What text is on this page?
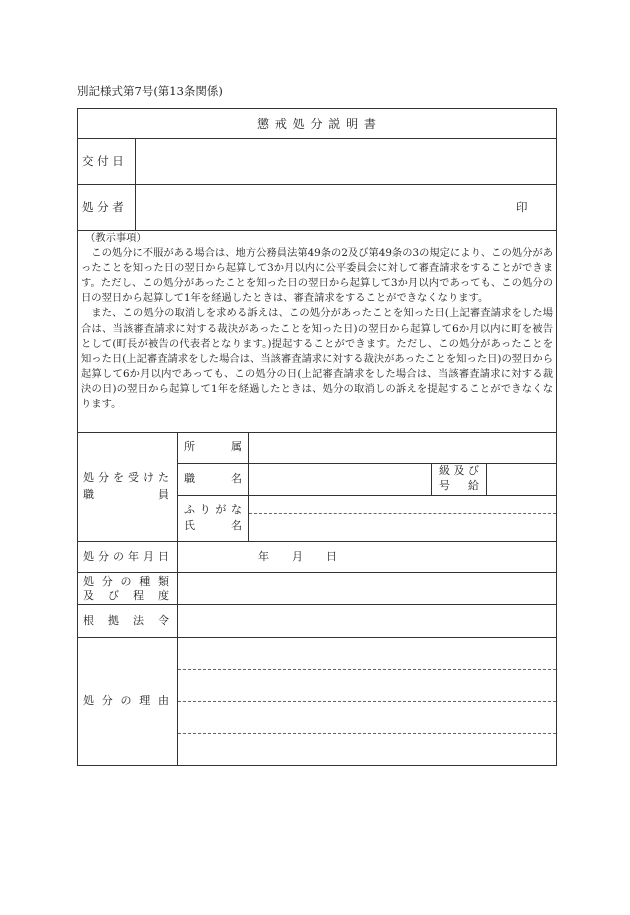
別記様式第7号(第13条関係)
懲 戒 処 分 説 明 書
交 付 日
処 分 者	印

（教示事項）

この処分に不服がある場合は、地方公務員法第49条の2及び第49条の3の規定により、この処分があったことを知った日の翌日から起算して3か月以内に公平委員会に対して審査請求をすることができます。ただし、この処分があったことを知った日の翌日から起算して3か月以内であっても、この処分の日の翌日から起算して1年を経過したときは、審査請求をすることができなくなります。

また、この処分の取消しを求める訴えは、この処分があったことを知った日(上記審査請求をした場合は、当該審査請求に対する裁決があったことを知った日)の翌日から起算して6か月以内に町を被告として(町長が被告の代表者となります。)提起することができます。ただし、この処分があったことを知った日(上記審査請求をした場合は、当該審査請求に対する裁決があったことを知った日)の翌日から起算して6か月以内であっても、この処分の日(上記審査請求をした場合は、当該審査請求に対する裁決の日)の翌日から起算して1年を経過したときは、処分の取消しの訴えを提起することができなくなります。

処分を受けた
職員
所属
職名
級及び
号給
ふりがな
氏名
処分の年月日	年 月 日
処分の種類
及び程度
根拠法令
処分の理由
